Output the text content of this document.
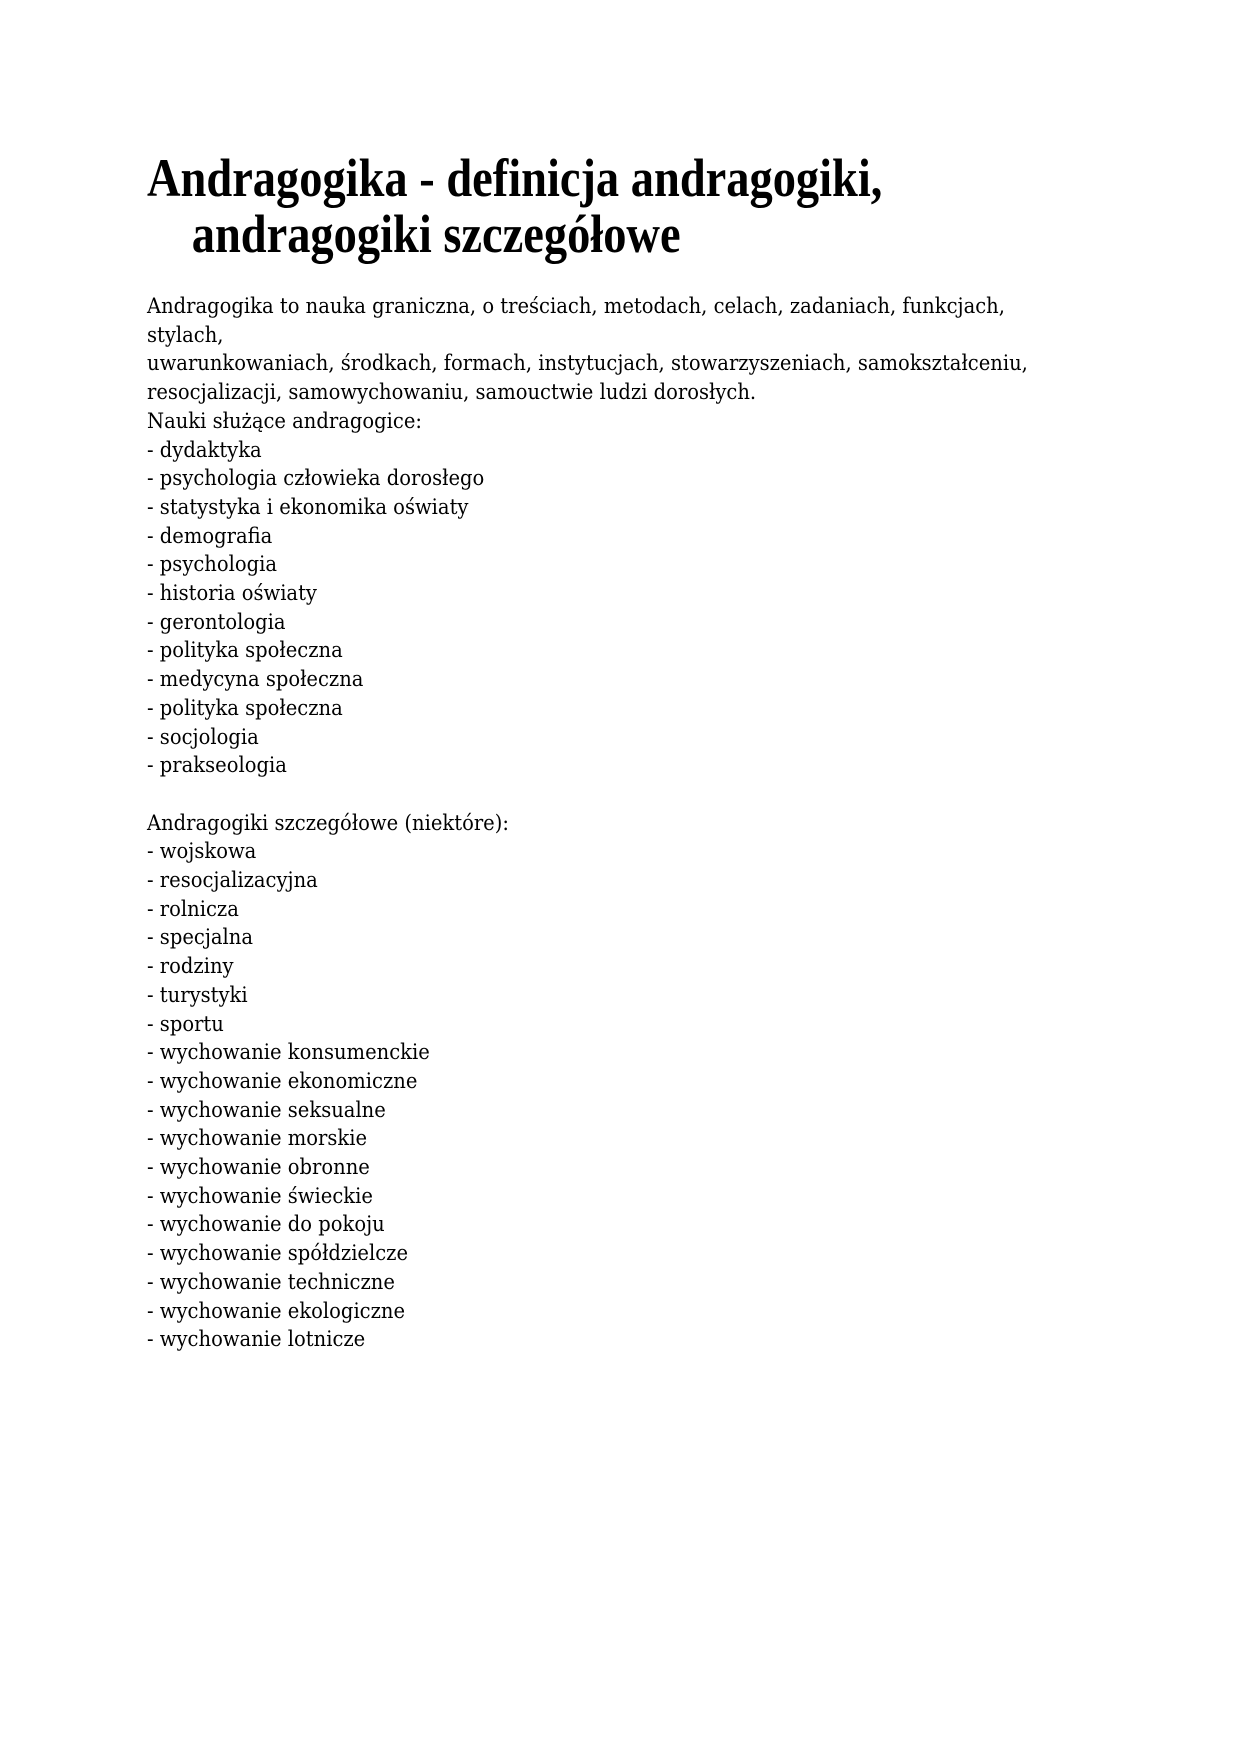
Andragogika - definicja andragogiki,
andragogiki szczegółowe

Andragogika to nauka graniczna, o treściach, metodach, celach, zadaniach, funkcjach, stylach,

uwarunkowaniach, środkach, formach, instytucjach, stowarzyszeniach, samokształceniu,

resocjalizacji, samowychowaniu, samouctwie ludzi dorosłych.

Nauki służące andragogice:

- dydaktyka
- psychologia człowieka dorosłego
- statystyka i ekonomika oświaty
- demografia
- psychologia
- historia oświaty
- gerontologia
- polityka społeczna
- medycyna społeczna
- polityka społeczna
- socjologia
- prakseologia

Andragogiki szczegółowe (niektóre):

- wojskowa
- resocjalizacyjna
- rolnicza
- specjalna
- rodziny
- turystyki
- sportu
- wychowanie konsumenckie
- wychowanie ekonomiczne
- wychowanie seksualne
- wychowanie morskie
- wychowanie obronne
- wychowanie świeckie
- wychowanie do pokoju
- wychowanie spółdzielcze
- wychowanie techniczne
- wychowanie ekologiczne
- wychowanie lotnicze
